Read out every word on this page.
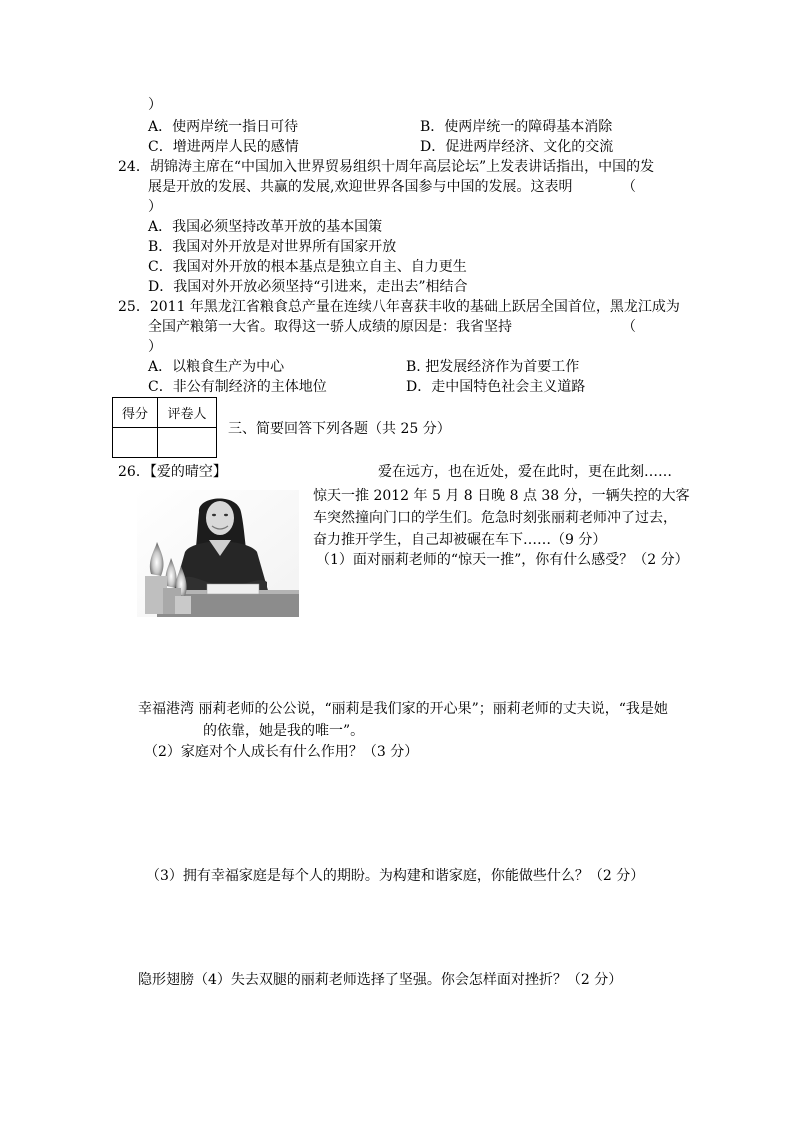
）
A．使两岸统一指日可待	B．使两岸统一的障碍基本消除
C．增进两岸人民的感情	D．促进两岸经济、文化的交流
24．胡锦涛主席在“中国加入世界贸易组织十周年高层论坛”上发表讲话指出，中国的发
展是开放的发展、共赢的发展,欢迎世界各国参与中国的发展。这表明	（
）
A．我国必须坚持改革开放的基本国策
B．我国对外开放是对世界所有国家开放
C．我国对外开放的根本基点是独立自主、自力更生
D．我国对外开放必须坚持“引进来，走出去”相结合
25．2011 年黑龙江省粮食总产量在连续八年喜获丰收的基础上跃居全国首位，黑龙江成为
全国产粮第一大省。取得这一骄人成绩的原因是：我省坚持	（
）
A．以粮食生产为中心	B. 把发展经济作为首要工作
C．非公有制经济的主体地位	D．走中国特色社会主义道路
得分	评卷人

三、简要回答下列各题（共 25 分）
26．【爱的晴空】	爱在远方，也在近处，爱在此时，更在此刻……
惊天一推 2012 年 5 月 8 日晚 8 点 38 分，一辆失控的大客
车突然撞向门口的学生们。危急时刻张丽莉老师冲了过去，
奋力推开学生，自己却被碾在车下……（9 分）
（1）面对丽莉老师的“惊天一推”，你有什么感受？（2 分）
幸福港湾 丽莉老师的公公说，“丽莉是我们家的开心果”；丽莉老师的丈夫说，“我是她
的依靠，她是我的唯一”。
（2）家庭对个人成长有什么作用？（3 分）
（3）拥有幸福家庭是每个人的期盼。为构建和谐家庭，你能做些什么？（2 分）
隐形翅膀（4）失去双腿的丽莉老师选择了坚强。你会怎样面对挫折？（2 分）
